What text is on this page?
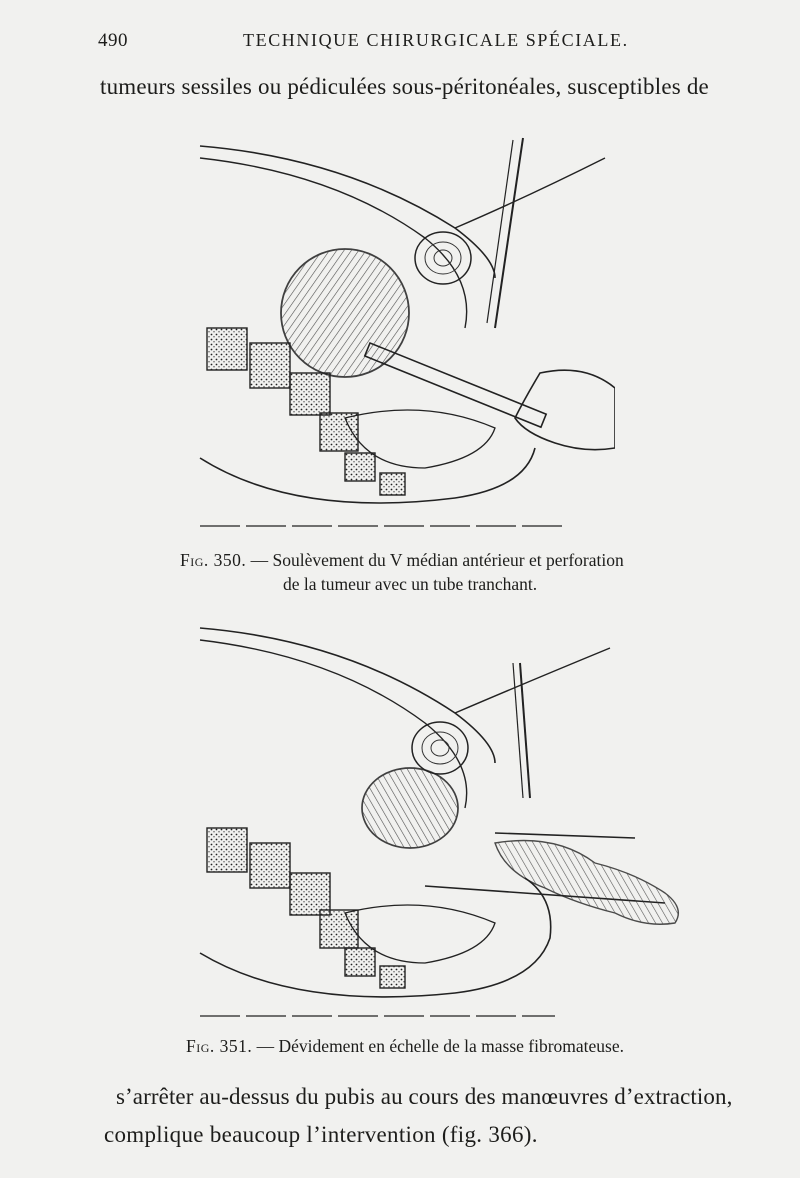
490	TECHNIQUE CHIRURGICALE SPÉCIALE.
tumeurs sessiles ou pédiculées sous-péritonéales, susceptibles de
Fig. 350. — Soulèvement du V médian antérieur et perforation
de la tumeur avec un tube tranchant.
Fig. 351. — Dévidement en échelle de la masse fibromateuse.
s’arrêter au-dessus du pubis au cours des manœuvres d’extraction,
complique beaucoup l’intervention (fig. 366).
